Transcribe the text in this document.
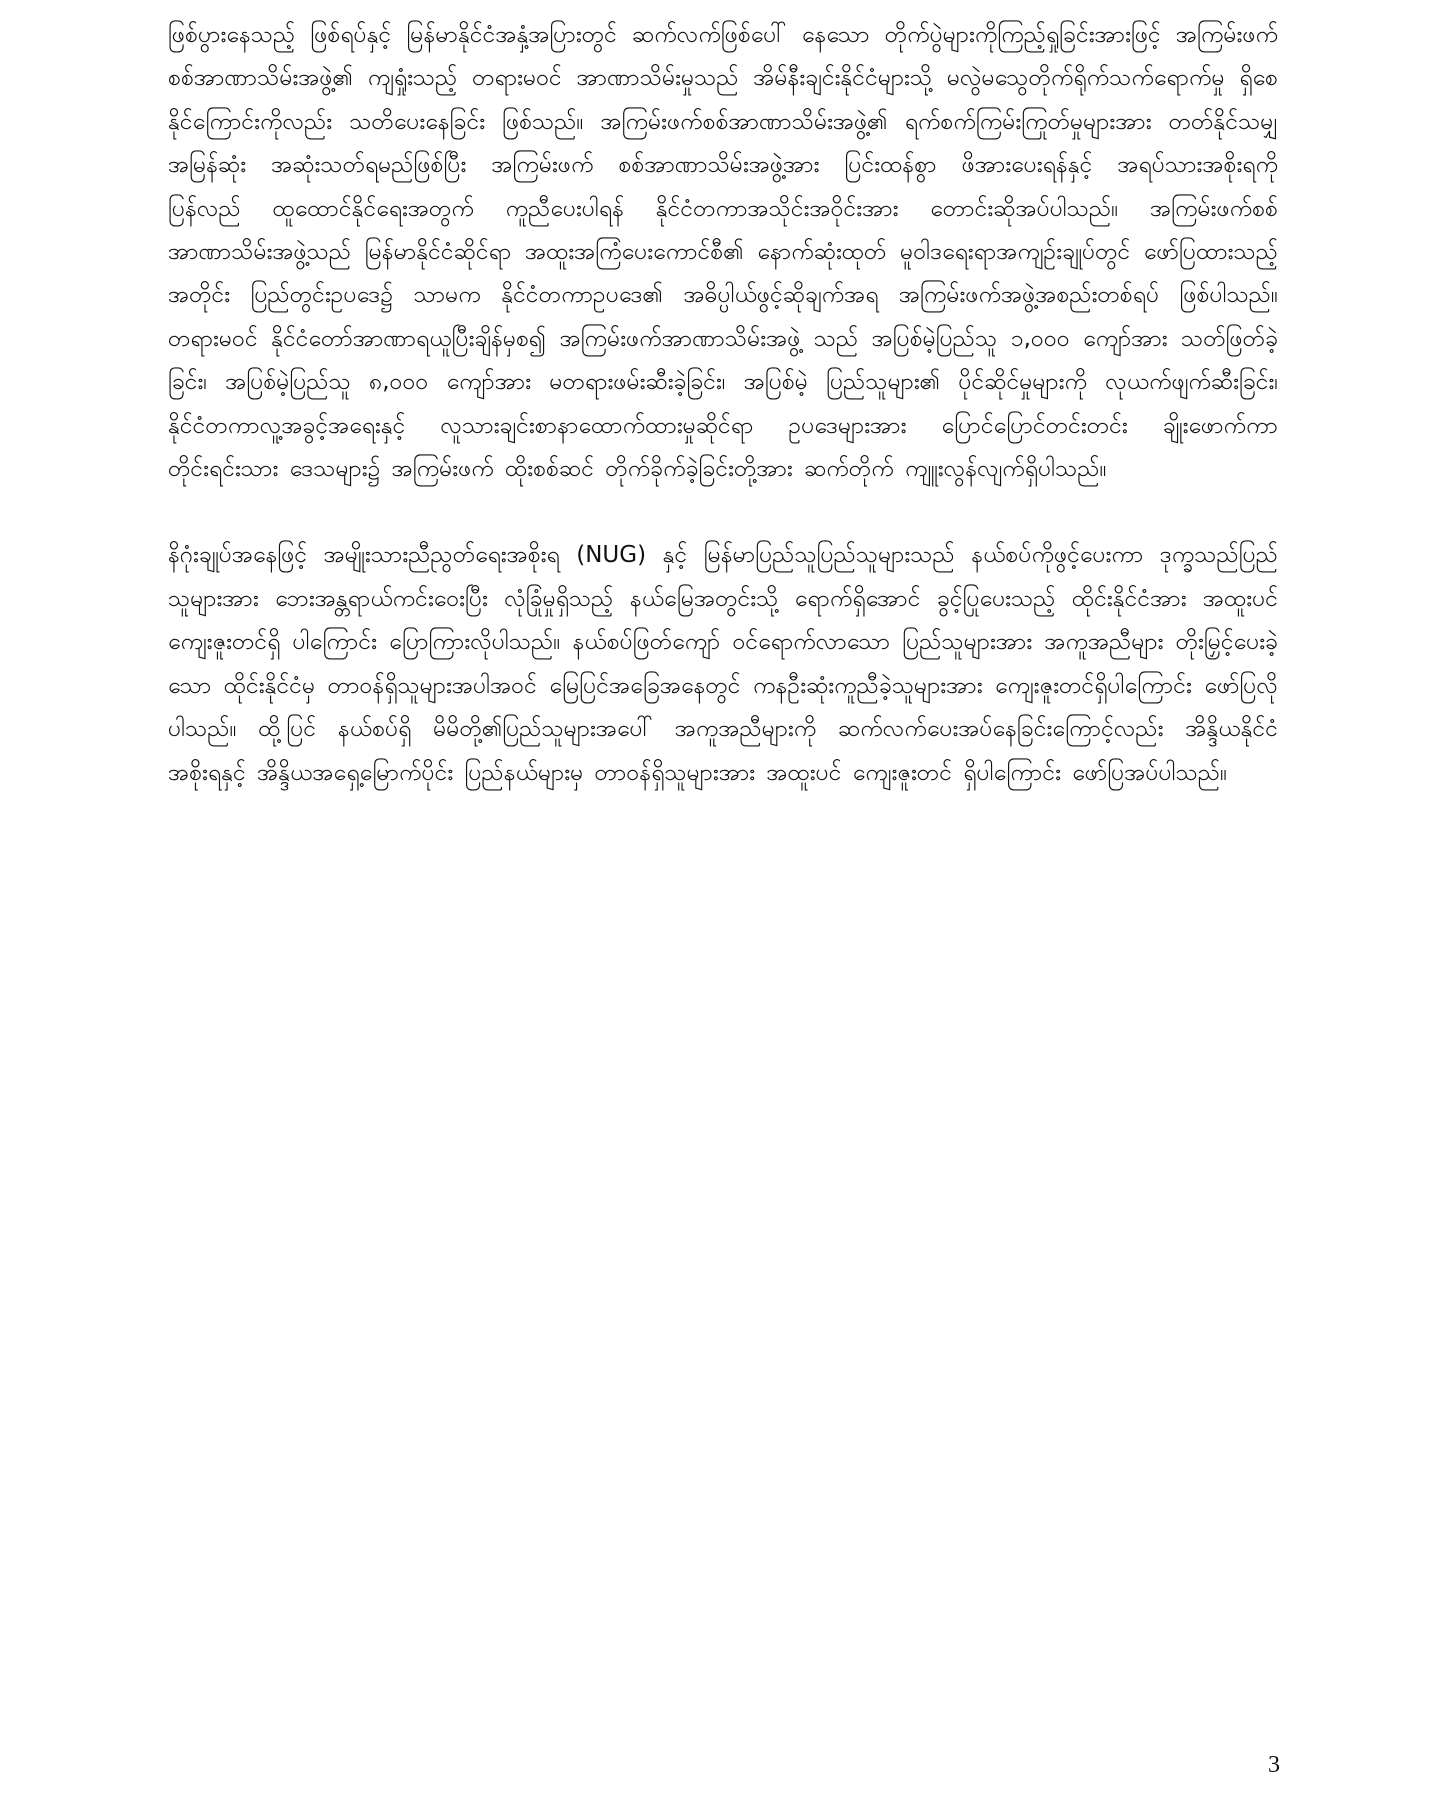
ဖြစ်ပွားနေသည့် ဖြစ်ရပ်နှင့် မြန်မာနိုင်ငံအနှံ့အပြားတွင် ဆက်လက်ဖြစ်ပေါ် နေသော တိုက်ပွဲများကိုကြည့်ရှုခြင်းအားဖြင့် အကြမ်းဖက်စစ်အာဏာသိမ်းအဖွဲ့၏ ကျရှုံးသည့် တရားမဝင် အာဏာသိမ်းမှုသည် အိမ်နီးချင်းနိုင်ငံများသို့ မလွဲမသွေတိုက်ရိုက်သက်ရောက်မှု ရှိစေနိုင်ကြောင်းကိုလည်း သတိပေးနေခြင်း ဖြစ်သည်။ အကြမ်းဖက်စစ်အာဏာသိမ်းအဖွဲ့၏ ရက်စက်ကြမ်းကြုတ်မှုများအား တတ်နိုင်သမျှ အမြန်ဆုံး အဆုံးသတ်ရမည်ဖြစ်ပြီး အကြမ်းဖက် စစ်အာဏာသိမ်းအဖွဲ့အား ပြင်းထန်စွာ ဖိအားပေးရန်နှင့် အရပ်သားအစိုးရကို ပြန်လည် ထူထောင်နိုင်ရေးအတွက် ကူညီပေးပါရန် နိုင်ငံတကာအသိုင်းအဝိုင်းအား တောင်းဆိုအပ်ပါသည်။ အကြမ်းဖက်စစ်အာဏာသိမ်းအဖွဲ့သည် မြန်မာနိုင်ငံဆိုင်ရာ အထူးအကြံပေးကောင်စီ၏ နောက်ဆုံးထုတ် မူဝါဒရေးရာအကျဉ်းချုပ်တွင် ဖော်ပြထားသည့်အတိုင်း ပြည်တွင်းဥပဒေ၌ သာမက နိုင်ငံတကာဥပဒေ၏ အဓိပ္ပါယ်ဖွင့်ဆိုချက်အရ အကြမ်းဖက်အဖွဲ့အစည်းတစ်ရပ် ဖြစ်ပါသည်။ တရားမဝင် နိုင်ငံတော်အာဏာရယူပြီးချိန်မှစ၍ အကြမ်းဖက်အာဏာသိမ်းအဖွဲ့ သည် အပြစ်မဲ့ပြည်သူ ၁,၀၀၀ ကျော်အား သတ်ဖြတ်ခဲ့ခြင်း၊ အပြစ်မဲ့ပြည်သူ ၈,၀၀၀ ကျော်အား မတရားဖမ်းဆီးခဲ့ခြင်း၊ အပြစ်မဲ့ ပြည်သူများ၏ ပိုင်ဆိုင်မှုများကို လုယက်ဖျက်ဆီးခြင်း၊ နိုင်ငံတကာလူ့အခွင့်အရေးနှင့် လူသားချင်းစာနာထောက်ထားမှုဆိုင်ရာ ဥပဒေများအား ပြောင်ပြောင်တင်းတင်း ချိုးဖောက်ကာ တိုင်းရင်းသား ဒေသများ၌ အကြမ်းဖက် ထိုးစစ်ဆင် တိုက်ခိုက်ခဲ့ခြင်းတို့အား ဆက်တိုက် ကျူးလွန်လျက်ရှိပါသည်။

နိဂုံးချုပ်အနေဖြင့် အမျိုးသားညီညွတ်ရေးအစိုးရ (NUG) နှင့် မြန်မာပြည်သူပြည်သူများသည် နယ်စပ်ကိုဖွင့်ပေးကာ ဒုက္ခသည်ပြည်သူများအား ဘေးအန္တရာယ်ကင်းဝေးပြီး လုံခြုံမှုရှိသည့် နယ်မြေအတွင်းသို့ ရောက်ရှိအောင် ခွင့်ပြုပေးသည့် ထိုင်းနိုင်ငံအား အထူးပင်ကျေးဇူးတင်ရှိ ပါကြောင်း ပြောကြားလိုပါသည်။ နယ်စပ်ဖြတ်ကျော် ဝင်ရောက်လာသော ပြည်သူများအား အကူအညီများ တိုးမြှင့်ပေးခဲ့သော ထိုင်းနိုင်ငံမှ တာဝန်ရှိသူများအပါအဝင် မြေပြင်အခြေအနေတွင် ကနဦးဆုံးကူညီခဲ့သူများအား ကျေးဇူးတင်ရှိပါကြောင်း ဖော်ပြလိုပါသည်။ ထို့ပြင် နယ်စပ်ရှိ မိမိတို့၏ပြည်သူများအပေါ် အကူအညီများကို ဆက်လက်ပေးအပ်နေခြင်းကြောင့်လည်း အိန္ဒိယနိုင်ငံ အစိုးရနှင့် အိန္ဒိယအရှေ့မြောက်ပိုင်း ပြည်နယ်များမှ တာဝန်ရှိသူများအား အထူးပင် ကျေးဇူးတင် ရှိပါကြောင်း ဖော်ပြအပ်ပါသည်။

3
